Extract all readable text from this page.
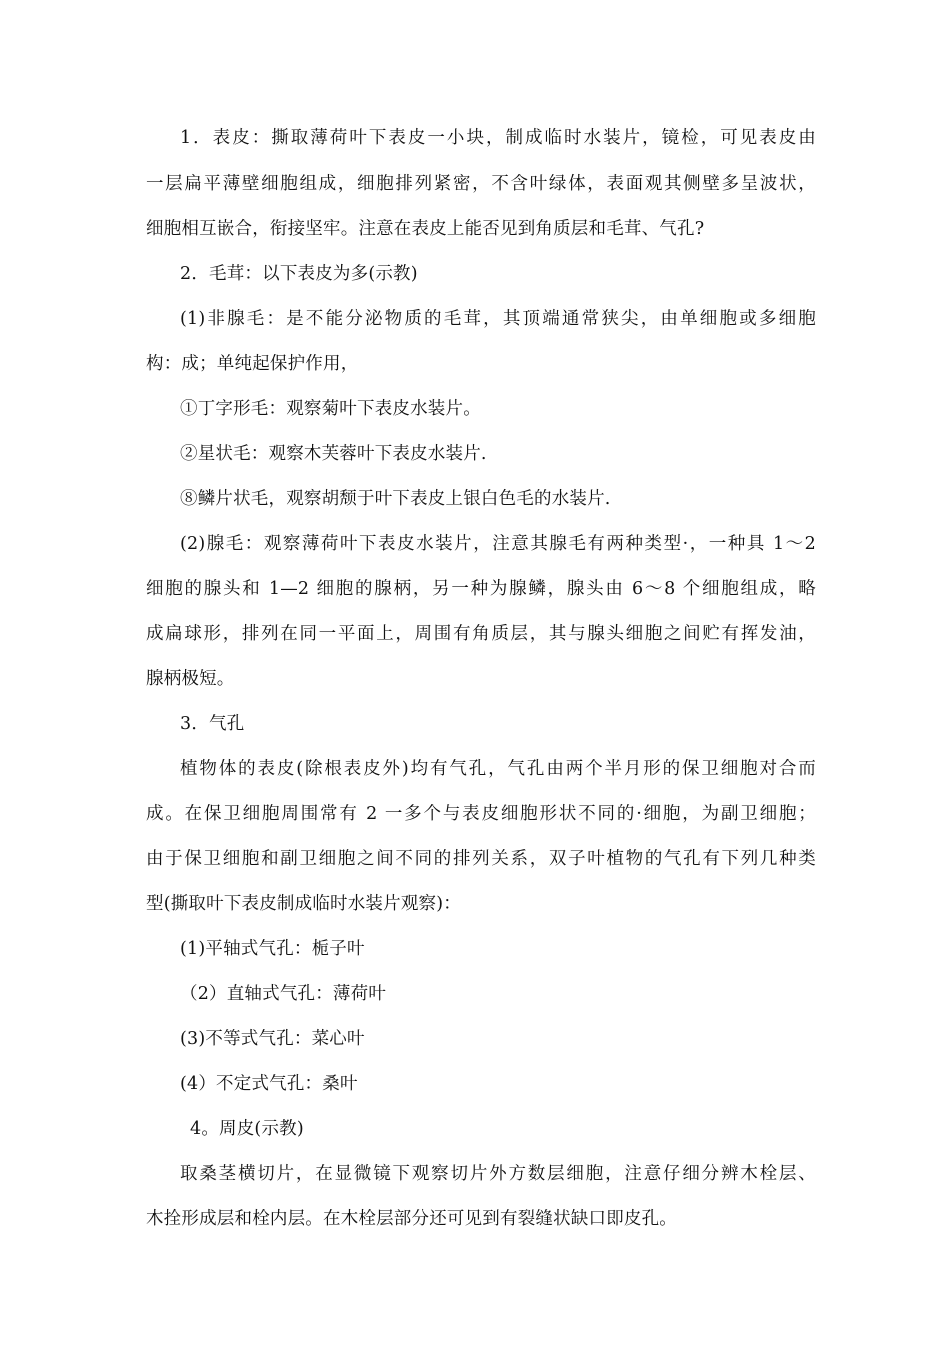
1．表皮：撕取薄荷叶下表皮一小块，制成临时水装片，镜检，可见表皮由
一层扁平薄壁细胞组成，细胞排列紧密，不含叶绿体，表面观其侧壁多呈波状，
细胞相互嵌合，衔接坚牢。注意在表皮上能否见到角质层和毛茸、气孔?
2．毛茸：以下表皮为多(示教)
(1)非腺毛：是不能分泌物质的毛茸，其顶端通常狭尖，由单细胞或多细胞
构：成；单纯起保护作用，
①丁字形毛：观察菊叶下表皮水装片。
②星状毛：观察木芙蓉叶下表皮水装片.
⑧鳞片状毛，观察胡颓于叶下表皮上银白色毛的水装片.
(2)腺毛：观察薄荷叶下表皮水装片，注意其腺毛有两种类型·，一种具 1～2
细胞的腺头和 1—2 细胞的腺柄，另一种为腺鳞，腺头由 6～8 个细胞组成，略
成扁球形，排列在同一平面上，周围有角质层，其与腺头细胞之间贮有挥发油，
腺柄极短。
3．气孔
植物体的表皮(除根表皮外)均有气孔，气孔由两个半月形的保卫细胞对合而
成。在保卫细胞周围常有 2 一多个与表皮细胞形状不同的·细胞，为副卫细胞；
由于保卫细胞和副卫细胞之间不同的排列关系，双子叶植物的气孔有下列几种类
型(撕取叶下表皮制成临时水装片观察)：
(1)平轴式气孔：栀子叶
（2）直轴式气孔：薄荷叶
(3)不等式气孔：菜心叶
(4）不定式气孔：桑叶
4。周皮(示教)
取桑茎横切片，在显微镜下观察切片外方数层细胞，注意仔细分辨木栓层、
木拴形成层和栓内层。在木栓层部分还可见到有裂缝状缺口即皮孔。
